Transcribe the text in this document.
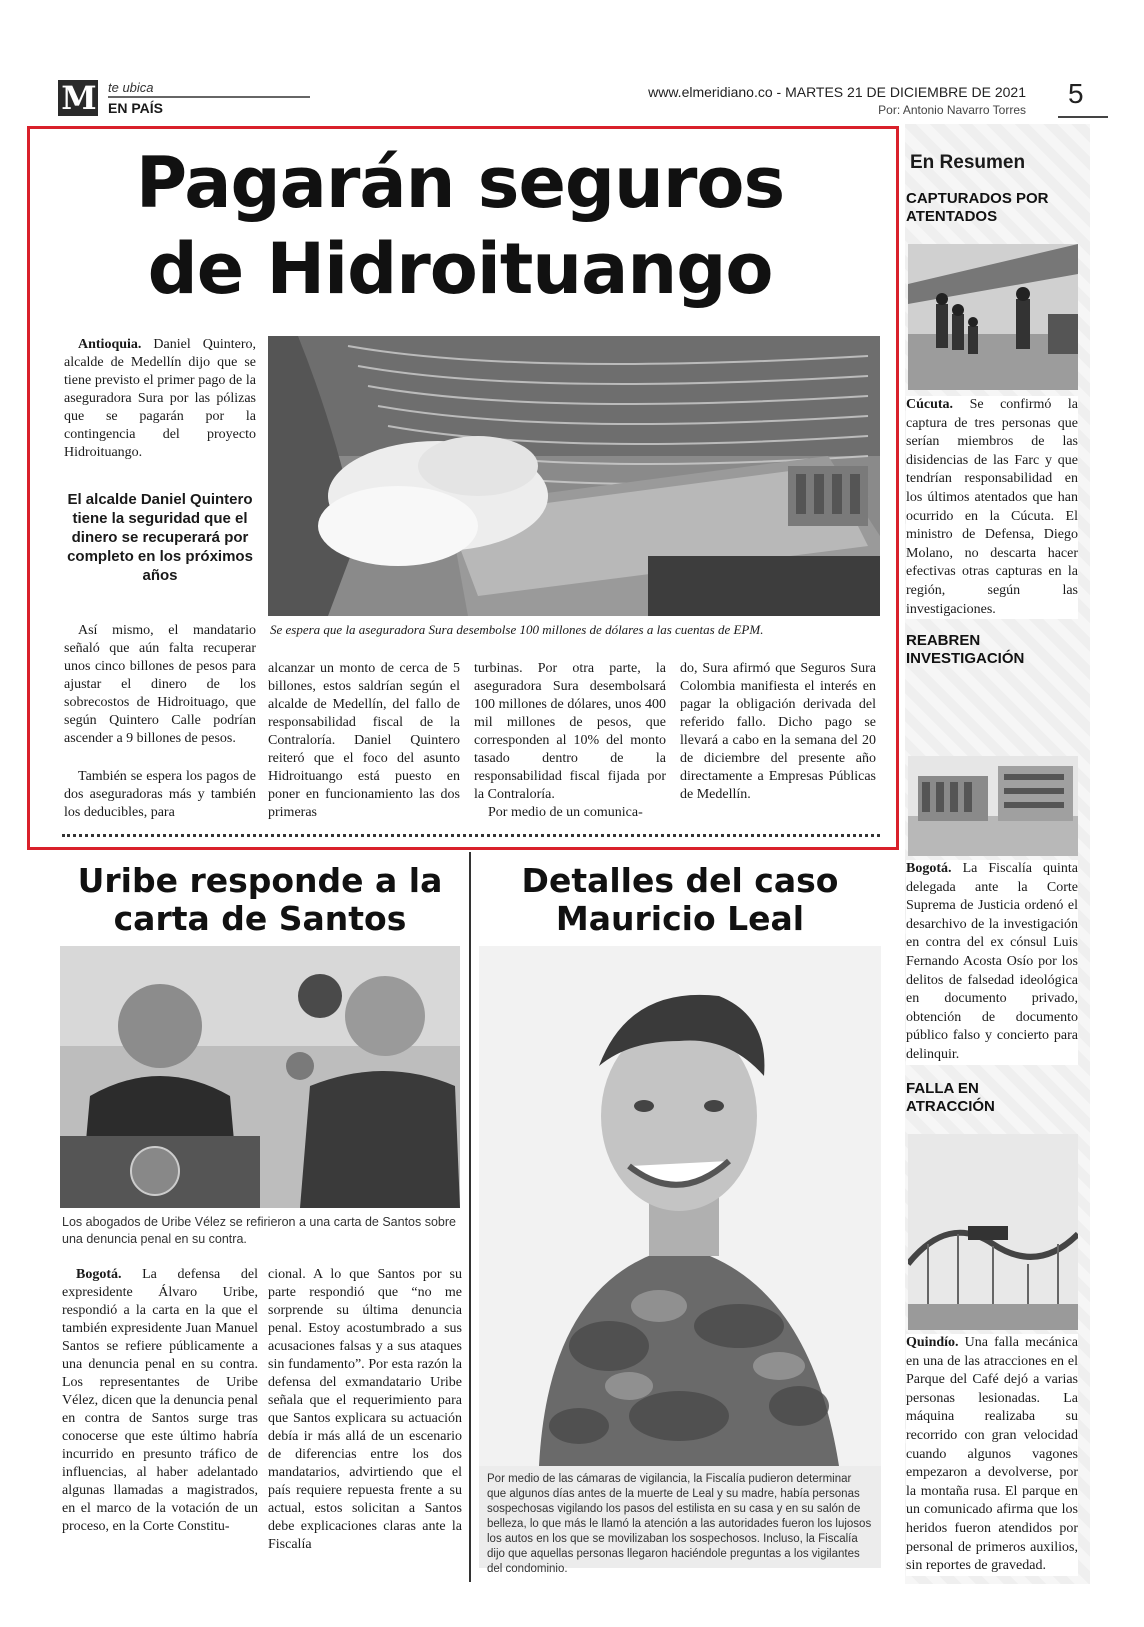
M te ubica
EN PAÍS
www.elmeridiano.co - MARTES 21 DE DICIEMBRE DE 2021
Por: Antonio Navarro Torres
5
Pagarán seguros
de Hidroituango
Antioquia. Daniel Quintero, alcalde de Medellín dijo que se tiene previsto el primer pago de la aseguradora Sura por las pólizas que se pagarán por la contingencia del proyecto Hidroituango.
El alcalde Daniel Quintero tiene la seguridad que el dinero se recuperará por completo en los próximos años
Se espera que la aseguradora Sura desembolse 100 millones de dólares a las cuentas de EPM.
Así mismo, el mandatario señaló que aún falta recuperar unos cinco billones de pesos para ajustar el dinero de los sobrecostos de Hidroituago, que según Quintero Calle podrían ascender a 9 billones de pesos.
También se espera los pagos de dos aseguradoras más y también los deducibles, para
alcanzar un monto de cerca de 5 billones, estos saldrían según el alcalde de Medellín, del fallo de responsabilidad fiscal de la Contraloría. Daniel Quintero reiteró que el foco del asunto Hidroituango está puesto en poner en funcionamiento las dos primeras
turbinas. Por otra parte, la aseguradora Sura desembolsará 100 millones de dólares, unos 400 mil millones de pesos, que corresponden al 10% del monto tasado dentro de la responsabilidad fiscal fijada por la Contraloría.
Por medio de un comunica-
do, Sura afirmó que Seguros Sura Colombia manifiesta el interés en pagar la obligación derivada del referido fallo. Dicho pago se llevará a cabo en la semana del 20 de diciembre del presente año directamente a Empresas Públicas de Medellín.
Uribe responde a la
carta de Santos
Los abogados de Uribe Vélez se refirieron a una carta de Santos sobre una denuncia penal en su contra.
Bogotá. La defensa del expresidente Álvaro Uribe, respondió a la carta en la que el también expresidente Juan Manuel Santos se refiere públicamente a una denuncia penal en su contra. Los representantes de Uribe Vélez, dicen que la denuncia penal en contra de Santos surge tras conocerse que este último habría incurrido en presunto tráfico de influencias, al haber adelantado algunas llamadas a magistrados, en el marco de la votación de un proceso, en la Corte Constitu-
cional. A lo que Santos por su parte respondió que “no me sorprende su última denuncia penal. Estoy acostumbrado a sus acusaciones falsas y a sus ataques sin fundamento”. Por esta razón la defensa del exmandatario Uribe señala que el requerimiento para que Santos explicara su actuación debía ir más allá de un escenario de diferencias entre los dos mandatarios, advirtiendo que el país requiere repuesta frente a su actual, estos solicitan a Santos debe explicaciones claras ante la Fiscalía
Detalles del caso
Mauricio Leal
Por medio de las cámaras de vigilancia, la Fiscalía pudieron determinar que algunos días antes de la muerte de Leal y su madre, había personas sospechosas vigilando los pasos del estilista en su casa y en su salón de belleza, lo que más le llamó la atención a las autoridades fueron los lujosos los autos en los que se movilizaban los sospechosos. Incluso, la Fiscalía dijo que aquellas personas llegaron haciéndole preguntas a los vigilantes del condominio.
En Resumen
CAPTURADOS POR ATENTADOS
Cúcuta. Se confirmó la captura de tres personas que serían miembros de las disidencias de las Farc y que tendrían responsabilidad en los últimos atentados que han ocurrido en la Cúcuta. El ministro de Defensa, Diego Molano, no descarta hacer efectivas otras capturas en la región, según las investigaciones.
REABREN INVESTIGACIÓN
Bogotá. La Fiscalía quinta delegada ante la Corte Suprema de Justicia ordenó el desarchivo de la investigación en contra del ex cónsul Luis Fernando Acosta Osío por los delitos de falsedad ideológica en documento privado, obtención de documento público falso y concierto para delinquir.
FALLA EN ATRACCIÓN
Quindío. Una falla mecánica en una de las atracciones en el Parque del Café dejó a varias personas lesionadas. La máquina realizaba su recorrido con gran velocidad cuando algunos vagones empezaron a devolverse, por la montaña rusa. El parque en un comunicado afirma que los heridos fueron atendidos por personal de primeros auxilios, sin reportes de gravedad.
